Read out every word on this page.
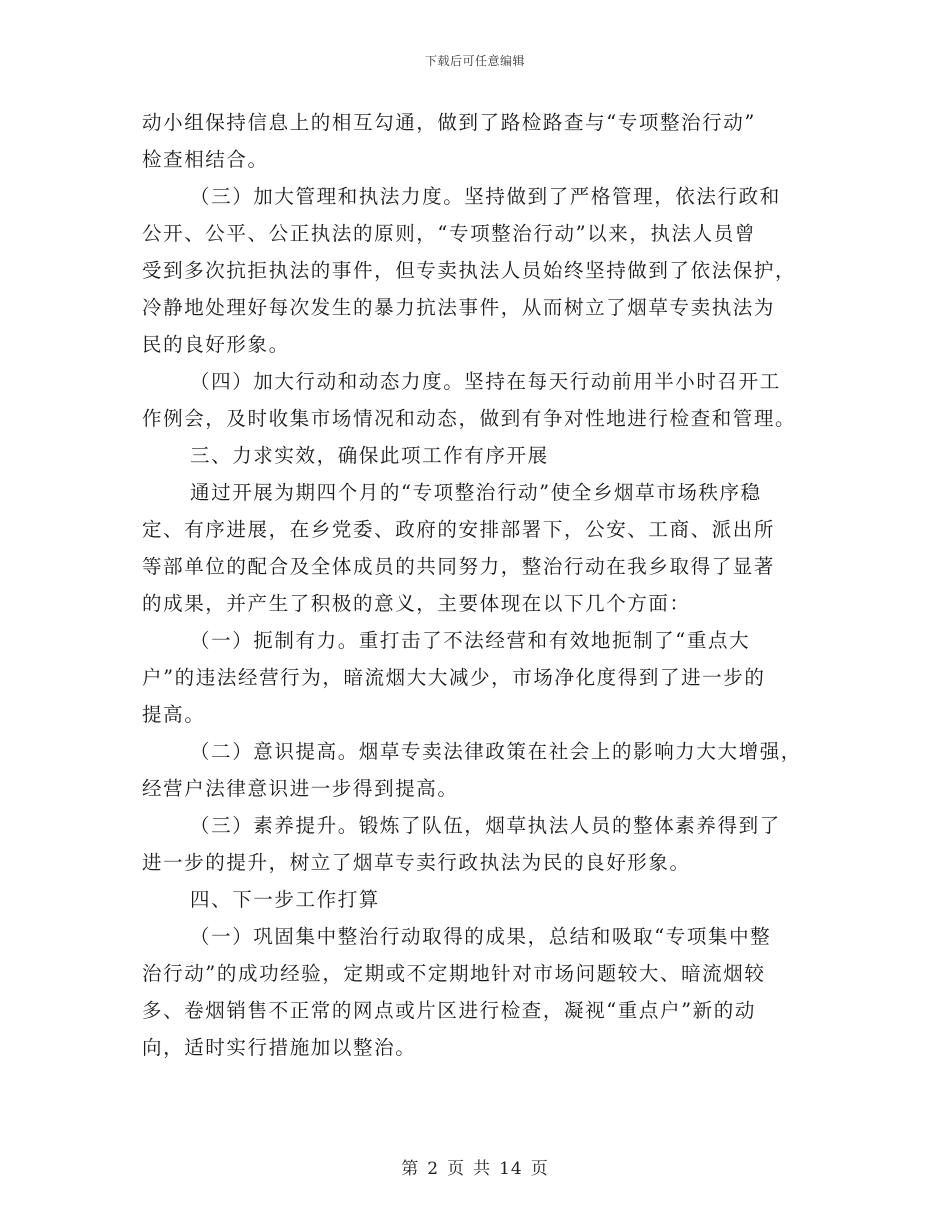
下载后可任意编辑
动小组保持信息上的相互勾通，做到了路检路查与“专项整治行动”
检查相结合。
（三）加大管理和执法力度。坚持做到了严格管理，依法行政和
公开、公平、公正执法的原则，“专项整治行动”以来，执法人员曾
受到多次抗拒执法的事件，但专卖执法人员始终坚持做到了依法保护，
冷静地处理好每次发生的暴力抗法事件，从而树立了烟草专卖执法为
民的良好形象。
（四）加大行动和动态力度。坚持在每天行动前用半小时召开工
作例会，及时收集市场情况和动态，做到有争对性地进行检查和管理。
三、力求实效，确保此项工作有序开展
通过开展为期四个月的“专项整治行动”使全乡烟草市场秩序稳
定、有序进展，在乡党委、政府的安排部署下，公安、工商、派出所
等部单位的配合及全体成员的共同努力，整治行动在我乡取得了显著
的成果，并产生了积极的意义，主要体现在以下几个方面：
（一）扼制有力。重打击了不法经营和有效地扼制了“重点大
户”的违法经营行为，暗流烟大大减少，市场净化度得到了进一步的
提高。
（二）意识提高。烟草专卖法律政策在社会上的影响力大大增强，
经营户法律意识进一步得到提高。
（三）素养提升。锻炼了队伍，烟草执法人员的整体素养得到了
进一步的提升，树立了烟草专卖行政执法为民的良好形象。
四、下一步工作打算
（一）巩固集中整治行动取得的成果，总结和吸取“专项集中整
治行动”的成功经验，定期或不定期地针对市场问题较大、暗流烟较
多、卷烟销售不正常的网点或片区进行检查，凝视“重点户”新的动
向，适时实行措施加以整治。
第 2 页 共 14 页
